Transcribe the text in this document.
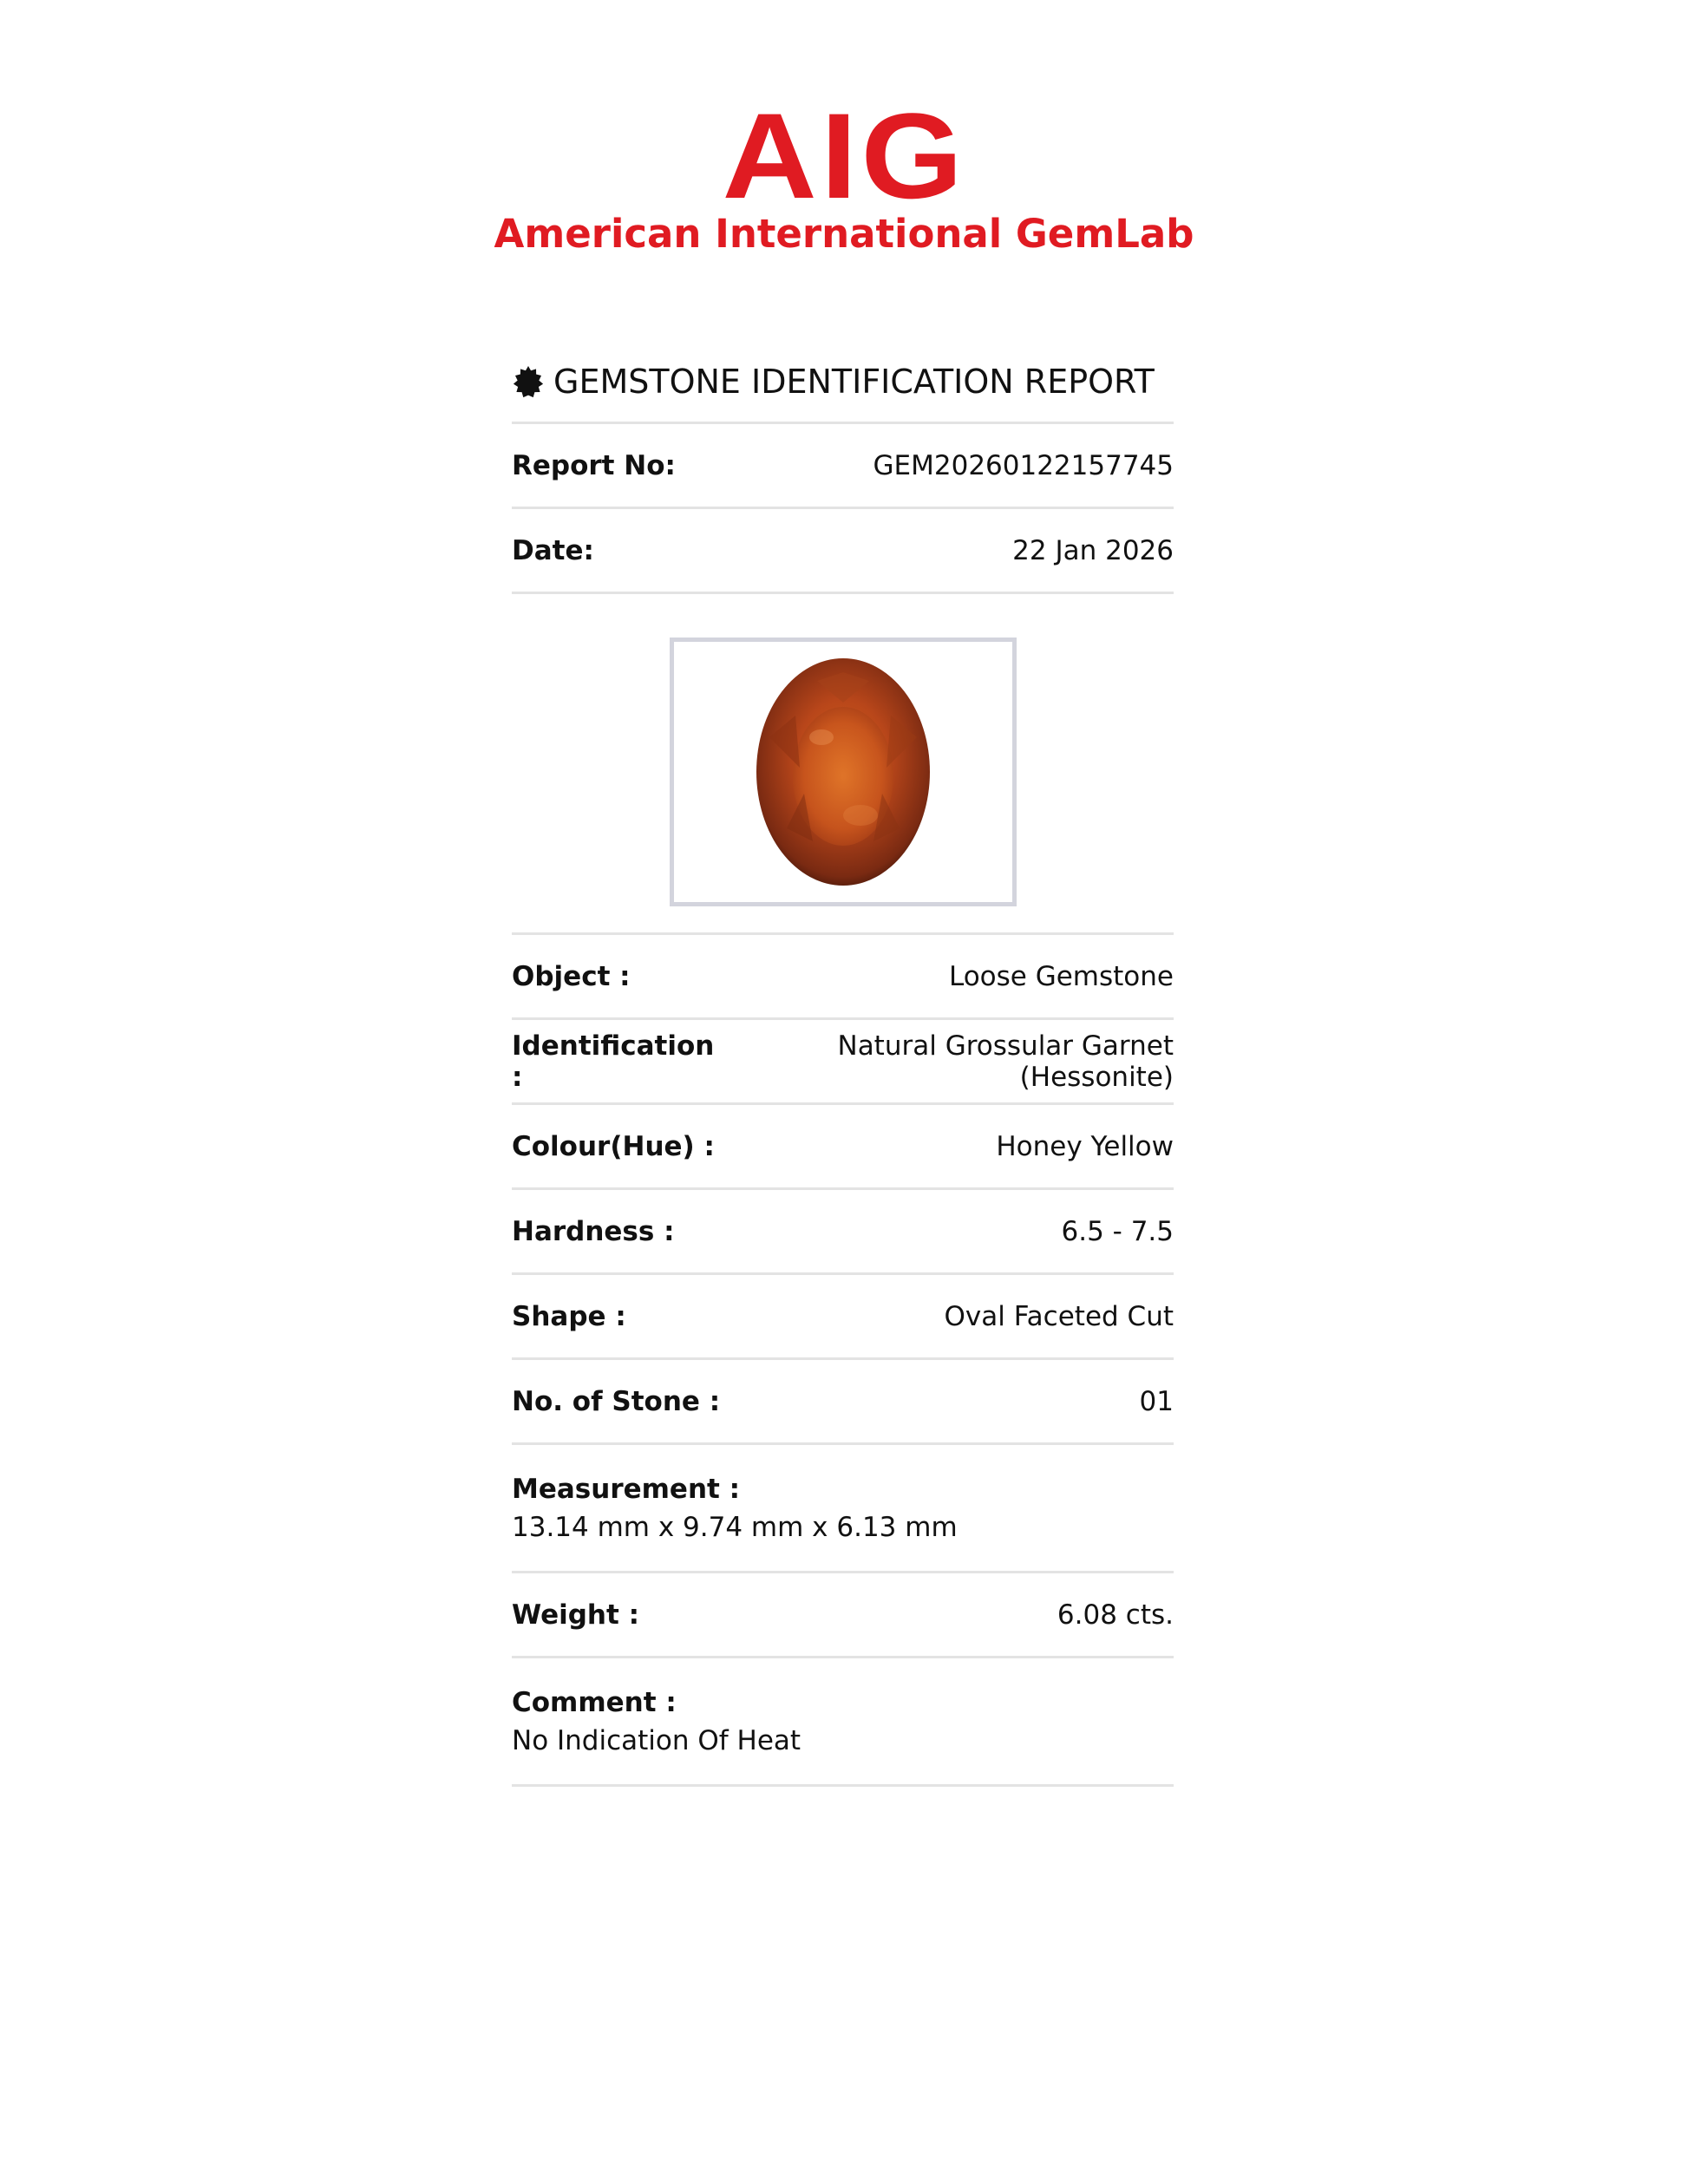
AIG
American International GemLab
GEMSTONE IDENTIFICATION REPORT
Report No:	GEM20260122157745
Date:	22 Jan 2026
Object :	Loose Gemstone
Identification :
Natural Grossular Garnet (Hessonite)
Colour(Hue) :	Honey Yellow
Hardness :	6.5 - 7.5
Shape :	Oval Faceted Cut
No. of Stone :	01
Measurement :
13.14 mm x 9.74 mm x 6.13 mm
Weight :	6.08 cts.
Comment :
No Indication Of Heat
